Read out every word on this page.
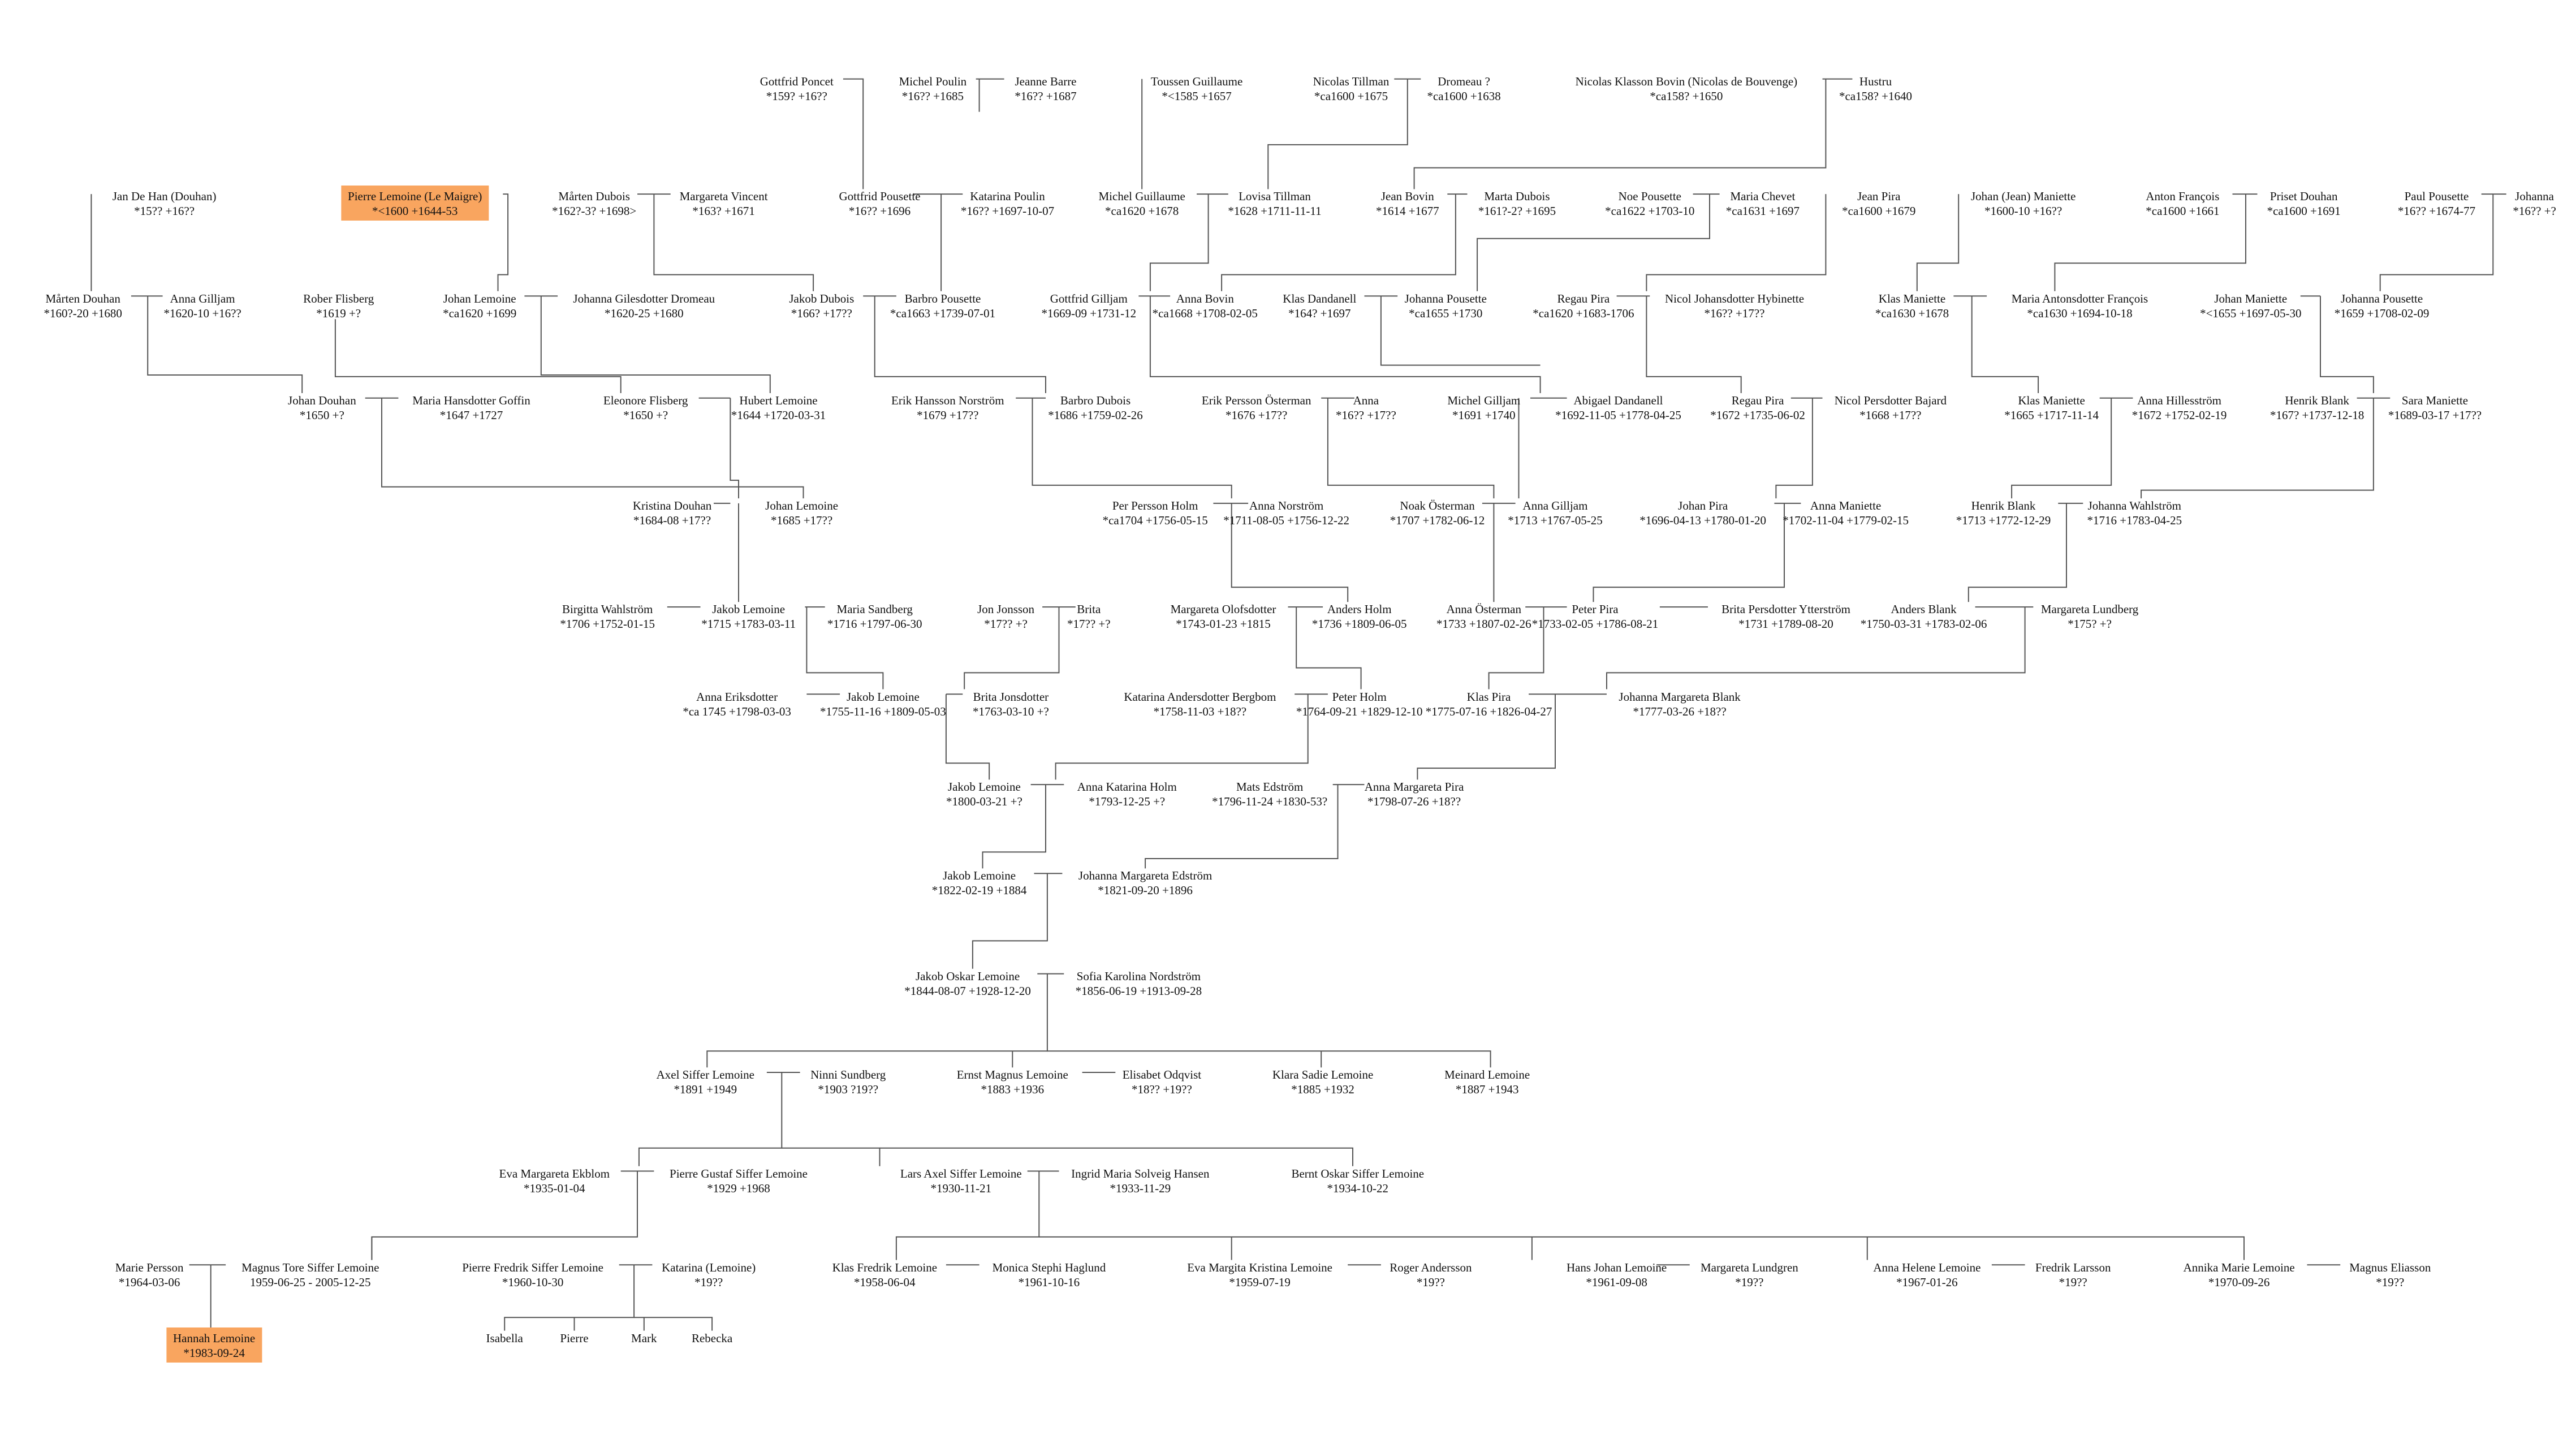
Gottfrid Poncet
*159? +16??
Michel Poulin
*16?? +1685
Jeanne Barre
*16?? +1687
Toussen Guillaume
*<1585 +1657
Nicolas Tillman
*ca1600 +1675
Dromeau ?
*ca1600 +1638
Nicolas Klasson Bovin (Nicolas de Bouvenge)
*ca158? +1650
Hustru
*ca158? +1640
Jan De Han (Douhan)
*15?? +16??
Pierre Lemoine (Le Maigre)
*<1600 +1644-53
Mårten Dubois
*162?-3? +1698>
Margareta Vincent
*163? +1671
Gottfrid Pousette
*16?? +1696
Katarina Poulin
*16?? +1697-10-07
Michel Guillaume
*ca1620 +1678
Lovisa Tillman
*1628 +1711-11-11
Jean Bovin
*1614 +1677
Marta Dubois
*161?-2? +1695
Noe Pousette
*ca1622 +1703-10
Maria Chevet
*ca1631 +1697
Jean Pira
*ca1600 +1679
Johan (Jean) Maniette
*1600-10 +16??
Anton François
*ca1600 +1661
Priset Douhan
*ca1600 +1691
Paul Pousette
*16?? +1674-77
Johanna
*16?? +?
Mårten Douhan
*160?-20 +1680
Anna Gilljam
*1620-10 +16??
Rober Flisberg
*1619 +?
Johan Lemoine
*ca1620 +1699
Johanna Gilesdotter Dromeau
*1620-25 +1680
Jakob Dubois
*166? +17??
Barbro Pousette
*ca1663 +1739-07-01
Gottfrid Gilljam
*1669-09 +1731-12
Anna Bovin
*ca1668 +1708-02-05
Klas Dandanell
*164? +1697
Johanna Pousette
*ca1655 +1730
Regau Pira
*ca1620 +1683-1706
Nicol Johansdotter Hybinette
*16?? +17??
Klas Maniette
*ca1630 +1678
Maria Antonsdotter François
*ca1630 +1694-10-18
Johan Maniette
*<1655 +1697-05-30
Johanna Pousette
*1659 +1708-02-09
Johan Douhan
*1650 +?
Maria Hansdotter Goffin
*1647 +1727
Eleonore Flisberg
*1650 +?
Hubert Lemoine
*1644 +1720-03-31
Erik Hansson Norström
*1679 +17??
Barbro Dubois
*1686 +1759-02-26
Erik Persson Österman
*1676 +17??
Anna
*16?? +17??
Michel Gilljam
*1691 +1740
Abigael Dandanell
*1692-11-05 +1778-04-25
Regau Pira
*1672 +1735-06-02
Nicol Persdotter Bajard
*1668 +17??
Klas Maniette
*1665 +1717-11-14
Anna Hillesström
*1672 +1752-02-19
Henrik Blank
*167? +1737-12-18
Sara Maniette
*1689-03-17 +17??
Kristina Douhan
*1684-08 +17??
Johan Lemoine
*1685 +17??
Per Persson Holm
*ca1704 +1756-05-15
Anna Norström
*1711-08-05 +1756-12-22
Noak Österman
*1707 +1782-06-12
Anna Gilljam
*1713 +1767-05-25
Johan Pira
*1696-04-13 +1780-01-20
Anna Maniette
*1702-11-04 +1779-02-15
Henrik Blank
*1713 +1772-12-29
Johanna Wahlström
*1716 +1783-04-25
Birgitta Wahlström
*1706 +1752-01-15
Jakob Lemoine
*1715 +1783-03-11
Maria Sandberg
*1716 +1797-06-30
Jon Jonsson
*17?? +?
Brita
*17?? +?
Margareta Olofsdotter
*1743-01-23 +1815
Anders Holm
*1736 +1809-06-05
Anna Österman
*1733 +1807-02-26
Peter Pira
*1733-02-05 +1786-08-21
Brita Persdotter Ytterström
*1731 +1789-08-20
Anders Blank
*1750-03-31 +1783-02-06
Margareta Lundberg
*175? +?
Anna Eriksdotter
*ca 1745 +1798-03-03
Jakob Lemoine
*1755-11-16 +1809-05-03
Brita Jonsdotter
*1763-03-10 +?
Katarina Andersdotter Bergbom
*1758-11-03 +18??
Peter Holm
*1764-09-21 +1829-12-10
Klas Pira
*1775-07-16 +1826-04-27
Johanna Margareta Blank
*1777-03-26 +18??
Jakob Lemoine
*1800-03-21 +?
Anna Katarina Holm
*1793-12-25 +?
Mats Edström
*1796-11-24 +1830-53?
Anna Margareta Pira
*1798-07-26 +18??
Jakob Lemoine
*1822-02-19 +1884
Johanna Margareta Edström
*1821-09-20 +1896
Jakob Oskar Lemoine
*1844-08-07 +1928-12-20
Sofia Karolina Nordström
*1856-06-19 +1913-09-28
Axel Siffer Lemoine
*1891 +1949
Ninni Sundberg
*1903 ?19??
Ernst Magnus Lemoine
*1883 +1936
Elisabet Odqvist
*18?? +19??
Klara Sadie Lemoine
*1885 +1932
Meinard Lemoine
*1887 +1943
Eva Margareta Ekblom
*1935-01-04
Pierre Gustaf Siffer Lemoine
*1929 +1968
Lars Axel Siffer Lemoine
*1930-11-21
Ingrid Maria Solveig Hansen
*1933-11-29
Bernt Oskar Siffer Lemoine
*1934-10-22
Marie Persson
*1964-03-06
Magnus Tore Siffer Lemoine
1959-06-25 - 2005-12-25
Pierre Fredrik Siffer Lemoine
*1960-10-30
Katarina (Lemoine)
*19??
Klas Fredrik Lemoine
*1958-06-04
Monica Stephi Haglund
*1961-10-16
Eva Margita Kristina Lemoine
*1959-07-19
Roger Andersson
*19??
Hans Johan Lemoine
*1961-09-08
Margareta Lundgren
*19??
Anna Helene Lemoine
*1967-01-26
Fredrik Larsson
*19??
Annika Marie Lemoine
*1970-09-26
Magnus Eliasson
*19??
Hannah Lemoine
*1983-09-24
Isabella	Pierre	Mark	Rebecka
